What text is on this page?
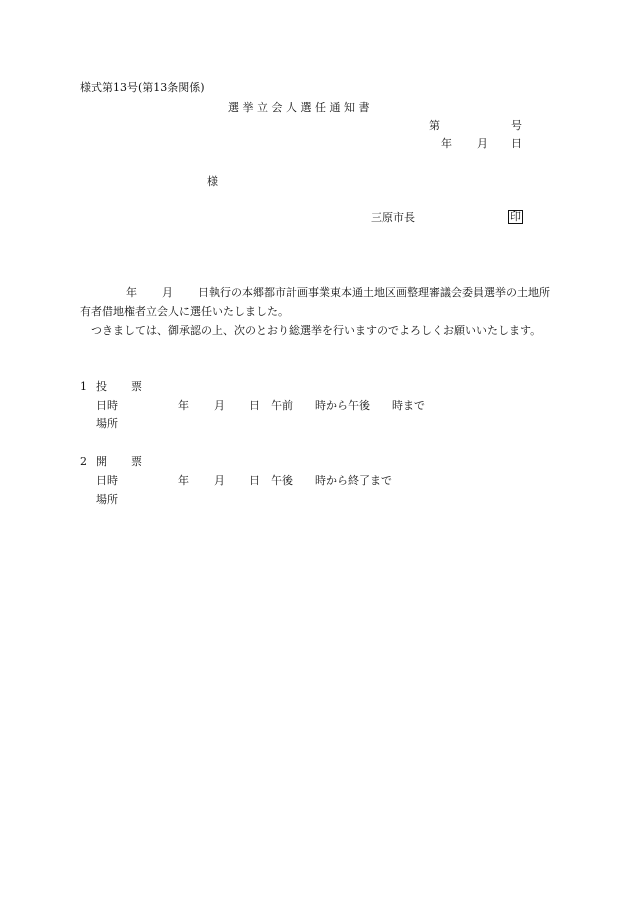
様式第13号(第13条関係)
選 挙 立 会 人 選 任 通 知 書
第	号
年 月 日
様
三原市長	印
年 月	日執行の本郷都市計画事業東本通土地区画整理審議会委員選挙の土地所有者借地権者立会人に選任いたしました。
つきましては、御承認の上、次のとおり総選挙を行いますのでよろしくお願いいたします。
1 投 票
日時	年 月 日 午前　　時から午後　　時まで
場所
2 開 票
日時	年 月 日 午後　　時から終了まで
場所
